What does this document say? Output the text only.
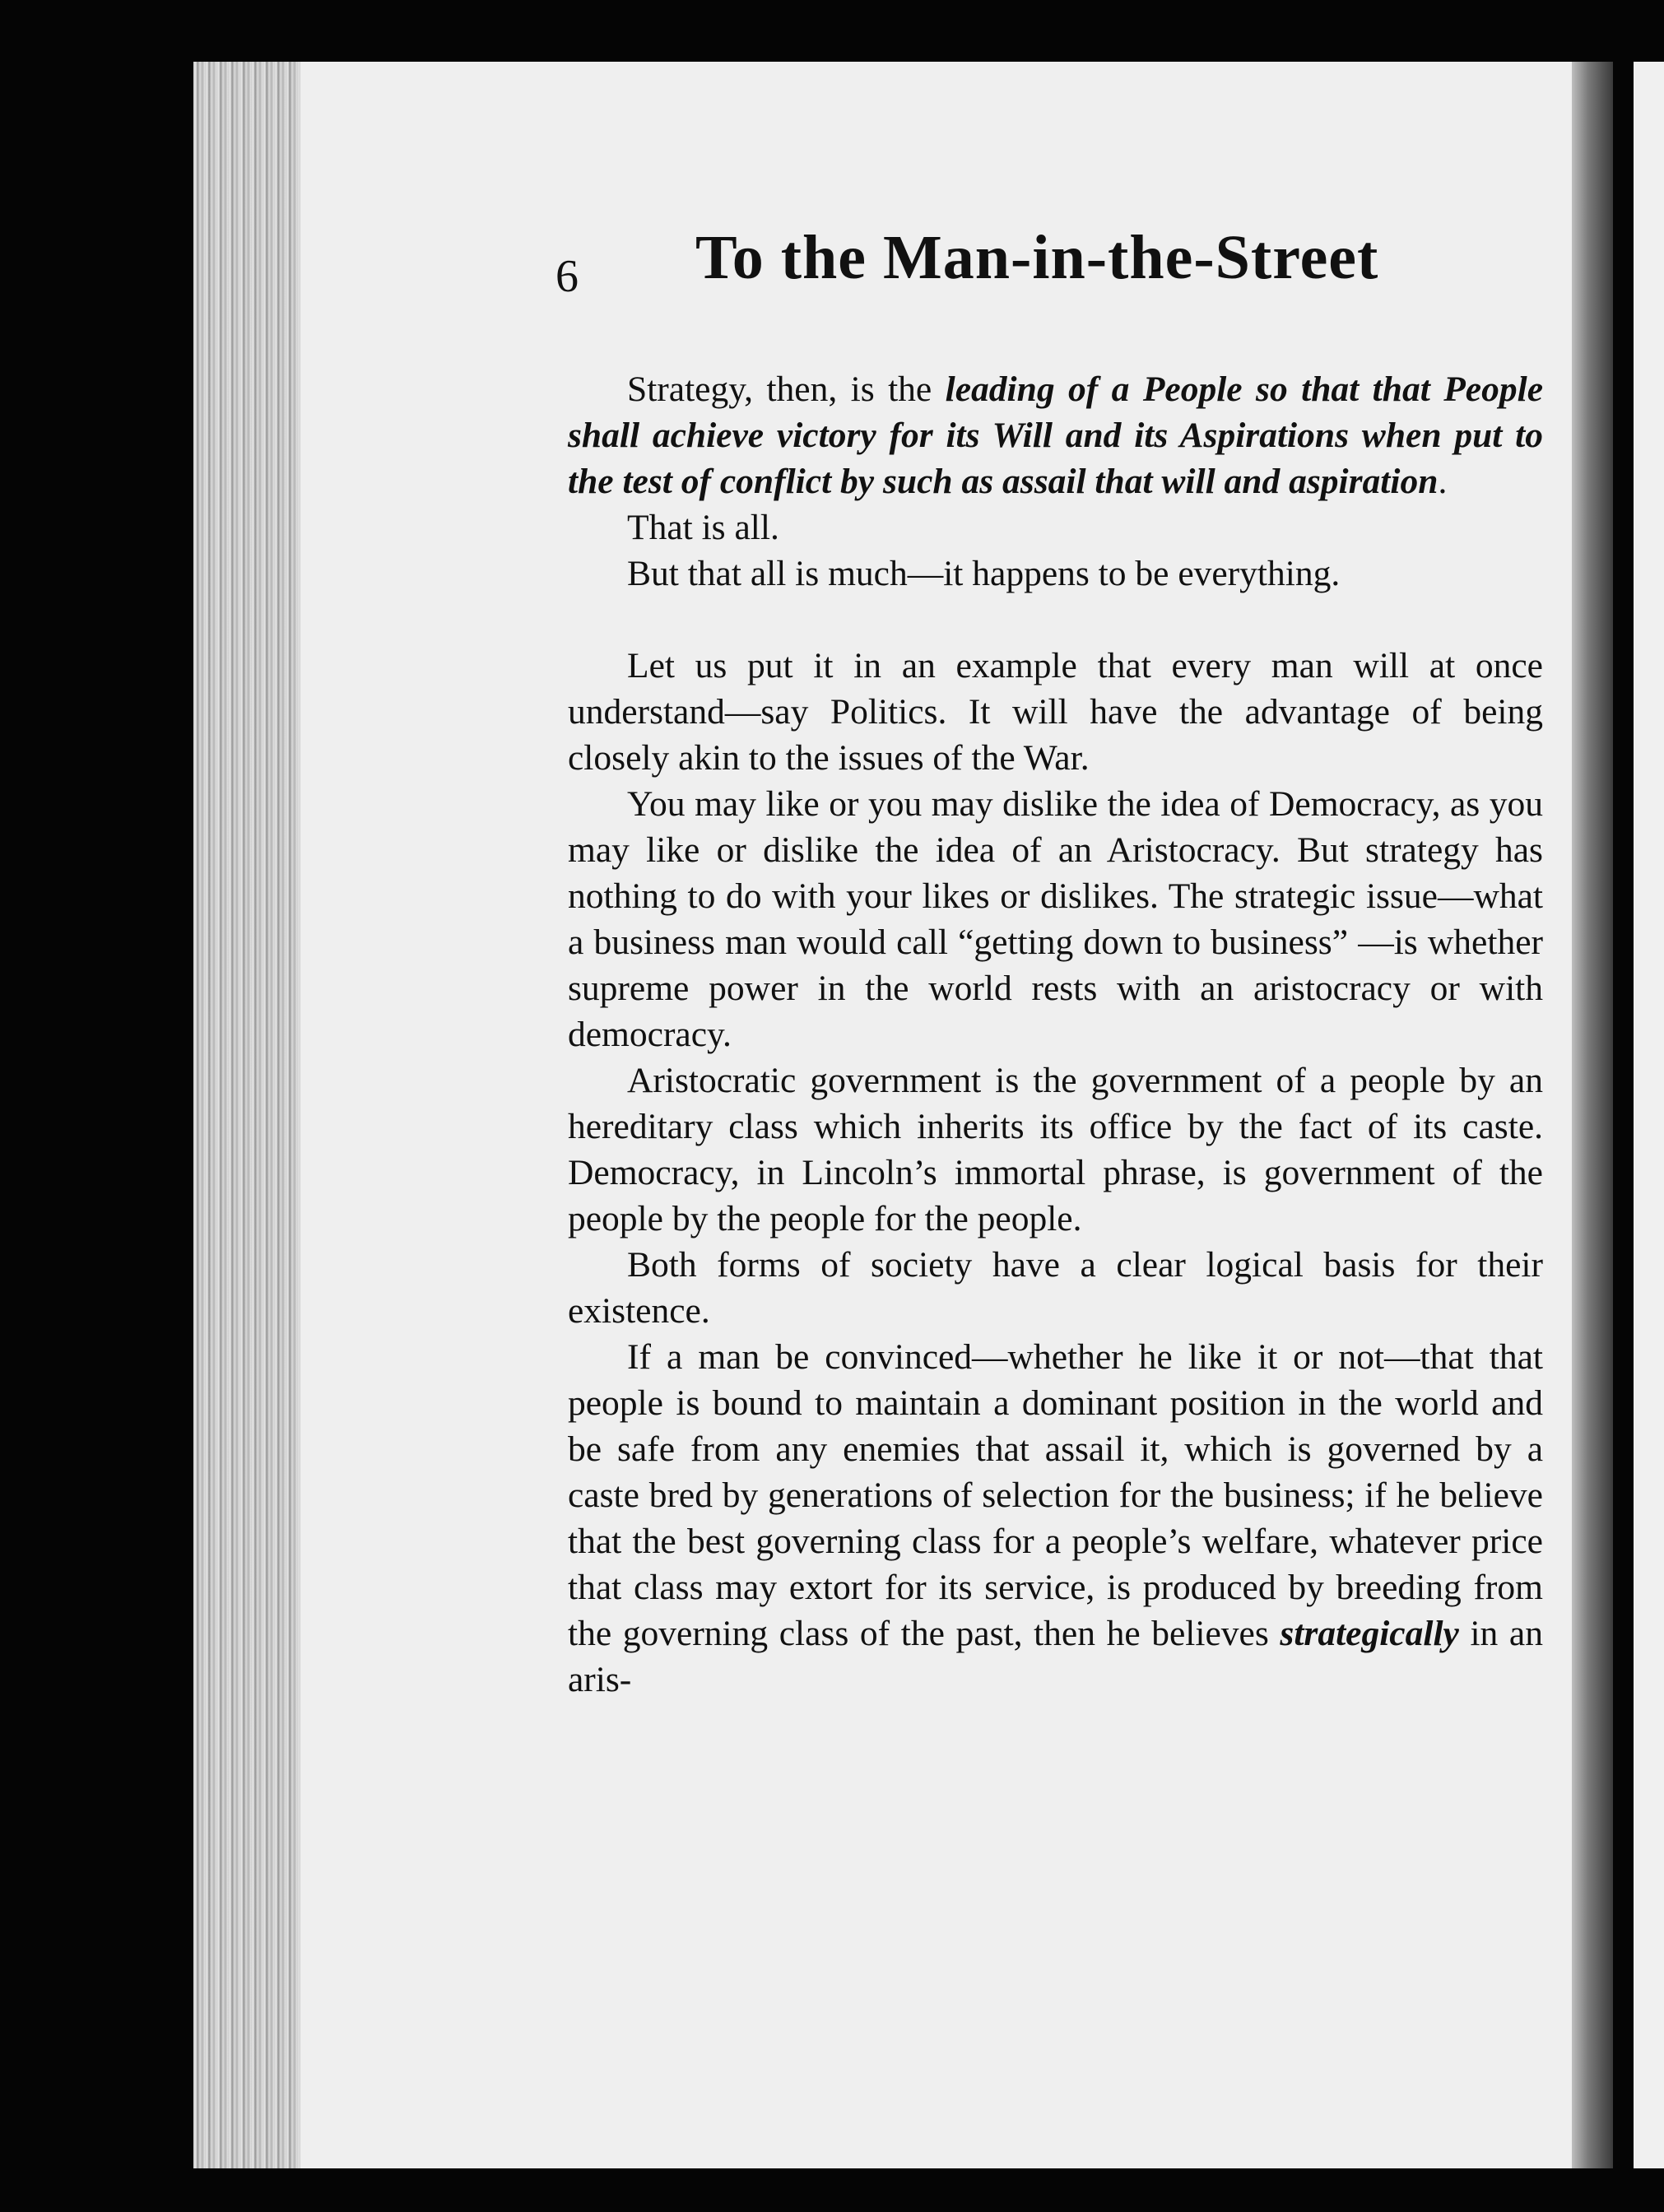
6 To the Man-in-the-Street

Strategy, then, is the leading of a People so that that People shall achieve victory for its Will and its Aspirations when put to the test of conflict by such as assail that will and aspiration.

That is all.

But that all is much—it happens to be everything.

Let us put it in an example that every man will at once understand—say Politics. It will have the advantage of being closely akin to the issues of the War.

You may like or you may dislike the idea of Democracy, as you may like or dislike the idea of an Aristocracy. But strategy has nothing to do with your likes or dislikes. The strategic issue—what a business man would call “getting down to business” —is whether supreme power in the world rests with an aristocracy or with democracy.

Aristocratic government is the government of a people by an hereditary class which inherits its office by the fact of its caste. Democracy, in Lincoln’s immortal phrase, is government of the people by the people for the people.

Both forms of society have a clear logical basis for their existence.

If a man be convinced—whether he like it or not—that that people is bound to maintain a dominant position in the world and be safe from any enemies that assail it, which is governed by a caste bred by generations of selection for the business; if he believe that the best governing class for a people’s welfare, whatever price that class may extort for its service, is produced by breeding from the governing class of the past, then he believes strategically in an aris-
